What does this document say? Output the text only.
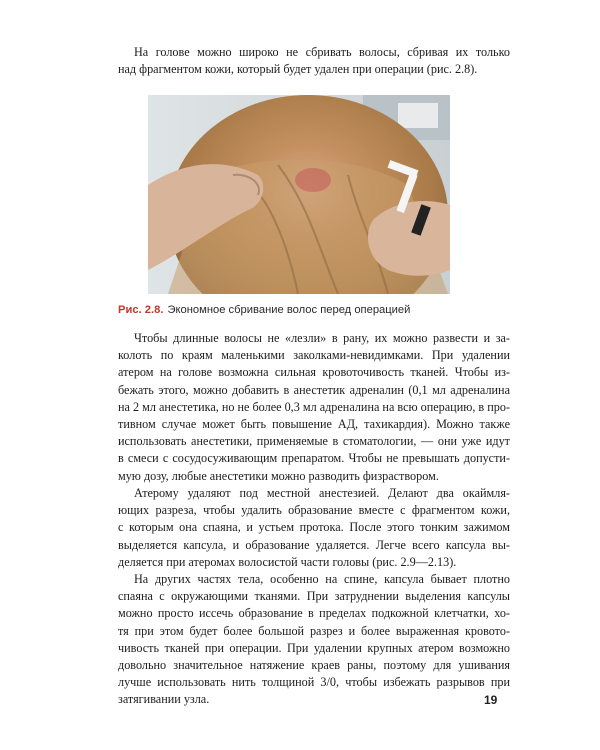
На голове можно широко не сбривать волосы, сбривая их только
над фрагментом кожи, который будет удален при операции (рис. 2.8).

Рис. 2.8. Экономное сбривание волос перед операцией

Чтобы длинные волосы не «лезли» в рану, их можно развести и за-
колоть по краям маленькими заколками-невидимками. При удалении
атером на голове возможна сильная кровоточивость тканей. Чтобы из-
бежать этого, можно добавить в анестетик адреналин (0,1 мл адреналина
на 2 мл анестетика, но не более 0,3 мл адреналина на всю операцию, в про-
тивном случае может быть повышение АД, тахикардия). Можно также
использовать анестетики, применяемые в стоматологии, — они уже идут
в смеси с сосудосуживающим препаратом. Чтобы не превышать допусти-
мую дозу, любые анестетики можно разводить физраствором.

Атерому удаляют под местной анестезией. Делают два окаймля-
ющих разреза, чтобы удалить образование вместе с фрагментом кожи,
с которым она спаяна, и устьем протока. После этого тонким зажимом
выделяется капсула, и образование удаляется. Легче всего капсула вы-
деляется при атеромах волосистой части головы (рис. 2.9—2.13).

На других частях тела, особенно на спине, капсула бывает плотно
спаяна с окружающими тканями. При затруднении выделения капсулы
можно просто иссечь образование в пределах подкожной клетчатки, хо-
тя при этом будет более большой разрез и более выраженная кровото-
чивость тканей при операции. При удалении крупных атером возможно
довольно значительное натяжение краев раны, поэтому для ушивания
лучше использовать нить толщиной 3/0, чтобы избежать разрывов при
затягивании узла.	19
